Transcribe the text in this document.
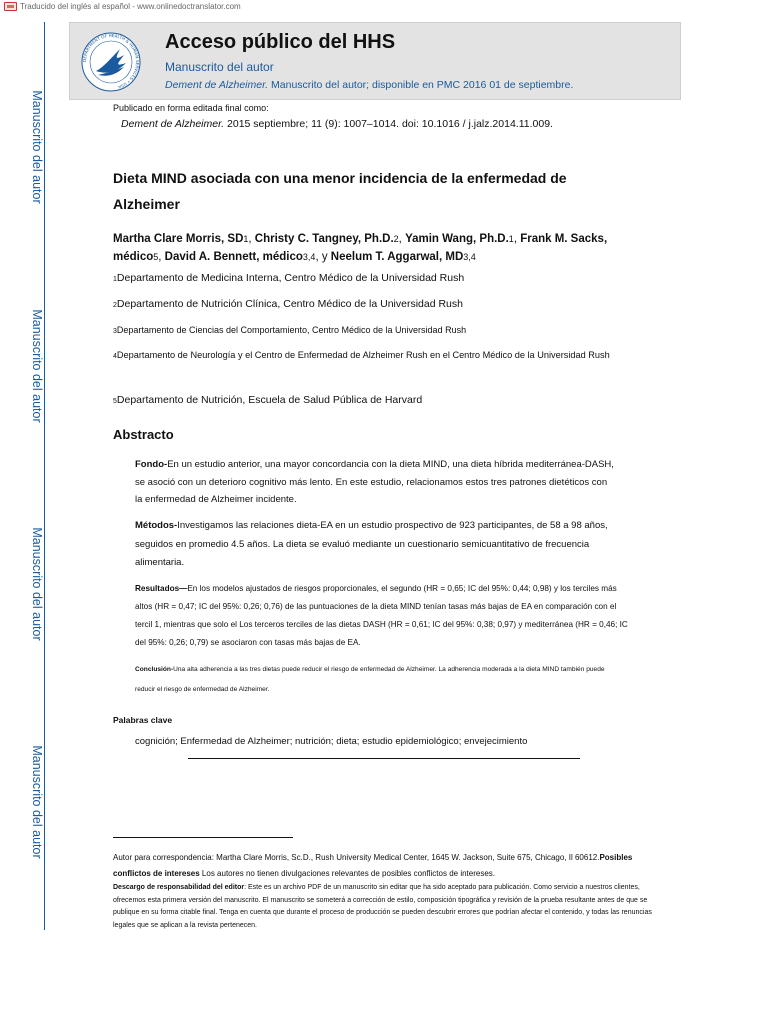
Traducido del inglés al español - www.onlinedoctranslator.com
Manuscrito del autor
Manuscrito del autor
Manuscrito del autor
Manuscrito del autor
DEPARTMENT OF HEALTH & HUMAN SERVICES • USA
Acceso público del HHS
Manuscrito del autor
Dement de Alzheimer. Manuscrito del autor; disponible en PMC 2016 01 de septiembre.
Publicado en forma editada final como:
Dement de Alzheimer. 2015 septiembre; 11 (9): 1007–1014. doi: 10.1016 / j.jalz.2014.11.009.
Dieta MIND asociada con una menor incidencia de la enfermedad de Alzheimer
Martha Clare Morris, SD1, Christy C. Tangney, Ph.D.2, Yamin Wang, Ph.D.1, Frank M. Sacks, médico5, David A. Bennett, médico3,4, y Neelum T. Aggarwal, MD3,4
1Departamento de Medicina Interna, Centro Médico de la Universidad Rush
2Departamento de Nutrición Clínica, Centro Médico de la Universidad Rush
3Departamento de Ciencias del Comportamiento, Centro Médico de la Universidad Rush
4Departamento de Neurología y el Centro de Enfermedad de Alzheimer Rush en el Centro Médico de la Universidad Rush
5Departamento de Nutrición, Escuela de Salud Pública de Harvard
Abstracto
Fondo-En un estudio anterior, una mayor concordancia con la dieta MIND, una dieta híbrida mediterránea-DASH, se asoció con un deterioro cognitivo más lento. En este estudio, relacionamos estos tres patrones dietéticos con la enfermedad de Alzheimer incidente.
Métodos-Investigamos las relaciones dieta-EA en un estudio prospectivo de 923 participantes, de 58 a 98 años, seguidos en promedio 4.5 años. La dieta se evaluó mediante un cuestionario semicuantitativo de frecuencia alimentaria.
Resultados—En los modelos ajustados de riesgos proporcionales, el segundo (HR = 0,65; IC del 95%: 0,44; 0,98) y los terciles más altos (HR = 0,47; IC del 95%: 0,26; 0,76) de las puntuaciones de la dieta MIND tenían tasas más bajas de EA en comparación con el tercil 1, mientras que solo el Los terceros terciles de las dietas DASH (HR = 0,61; IC del 95%: 0,38; 0,97) y mediterránea (HR = 0,46; IC del 95%: 0,26; 0,79) se asociaron con tasas más bajas de EA.
Conclusión-Una alta adherencia a las tres dietas puede reducir el riesgo de enfermedad de Alzheimer. La adherencia moderada a la dieta MIND también puede reducir el riesgo de enfermedad de Alzheimer.
Palabras clave
cognición; Enfermedad de Alzheimer; nutrición; dieta; estudio epidemiológico; envejecimiento
Autor para correspondencia: Martha Clare Morris, Sc.D., Rush University Medical Center, 1645 W. Jackson, Suite 675, Chicago, Il 60612.Posibles conflictos de intereses Los autores no tienen divulgaciones relevantes de posibles conflictos de intereses.
Descargo de responsabilidad del editor: Este es un archivo PDF de un manuscrito sin editar que ha sido aceptado para publicación. Como servicio a nuestros clientes, ofrecemos esta primera versión del manuscrito. El manuscrito se someterá a corrección de estilo, composición tipográfica y revisión de la prueba resultante antes de que se publique en su forma citable final. Tenga en cuenta que durante el proceso de producción se pueden descubrir errores que podrían afectar el contenido, y todas las renuncias legales que se aplican a la revista pertenecen.
